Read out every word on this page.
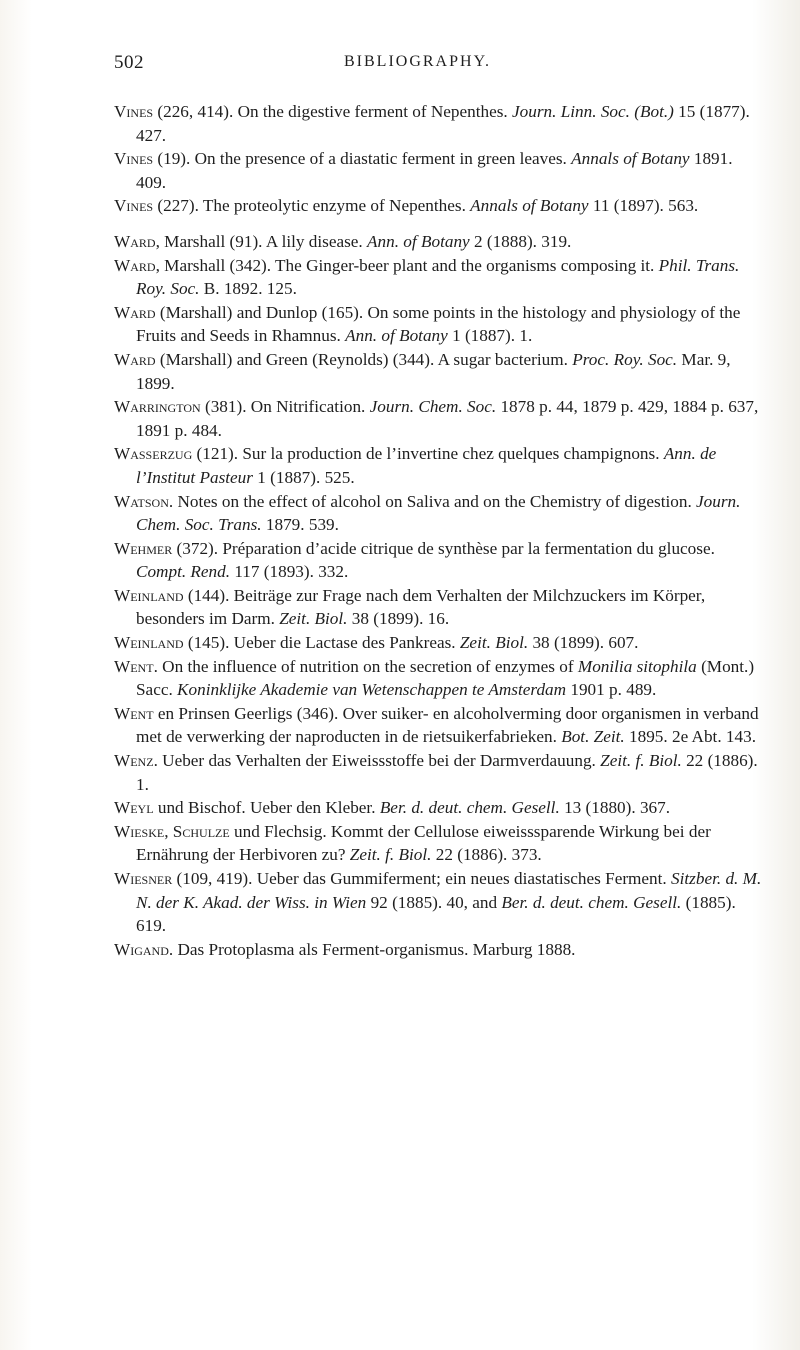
502	BIBLIOGRAPHY.

Vines (226, 414). On the digestive ferment of Nepenthes. Journ. Linn. Soc. (Bot.) 15 (1877). 427.

Vines (19). On the presence of a diastatic ferment in green leaves. Annals of Botany 1891. 409.

Vines (227). The proteolytic enzyme of Nepenthes. Annals of Botany 11 (1897). 563.

Ward, Marshall (91). A lily disease. Ann. of Botany 2 (1888). 319.

Ward, Marshall (342). The Ginger-beer plant and the organisms composing it. Phil. Trans. Roy. Soc. B. 1892. 125.

Ward (Marshall) and Dunlop (165). On some points in the histology and physiology of the Fruits and Seeds in Rhamnus. Ann. of Botany 1 (1887). 1.

Ward (Marshall) and Green (Reynolds) (344). A sugar bacterium. Proc. Roy. Soc. Mar. 9, 1899.

Warrington (381). On Nitrification. Journ. Chem. Soc. 1878 p. 44, 1879 p. 429, 1884 p. 637, 1891 p. 484.

Wasserzug (121). Sur la production de l’invertine chez quelques champignons. Ann. de l’Institut Pasteur 1 (1887). 525.

Watson. Notes on the effect of alcohol on Saliva and on the Chemistry of digestion. Journ. Chem. Soc. Trans. 1879. 539.

Wehmer (372). Préparation d’acide citrique de synthèse par la fermentation du glucose. Compt. Rend. 117 (1893). 332.

Weinland (144). Beiträge zur Frage nach dem Verhalten der Milchzuckers im Körper, besonders im Darm. Zeit. Biol. 38 (1899). 16.

Weinland (145). Ueber die Lactase des Pankreas. Zeit. Biol. 38 (1899). 607.

Went. On the influence of nutrition on the secretion of enzymes of Monilia sitophila (Mont.) Sacc. Koninklijke Akademie van Wetenschappen te Amsterdam 1901 p. 489.

Went en Prinsen Geerligs (346). Over suiker- en alcoholverming door organismen in verband met de verwerking der naproducten in de rietsuikerfabrieken. Bot. Zeit. 1895. 2e Abt. 143.

Wenz. Ueber das Verhalten der Eiweissstoffe bei der Darmverdauung. Zeit. f. Biol. 22 (1886). 1.

Weyl und Bischof. Ueber den Kleber. Ber. d. deut. chem. Gesell. 13 (1880). 367.

Wieske, Schulze und Flechsig. Kommt der Cellulose eiweisssparende Wirkung bei der Ernährung der Herbivoren zu? Zeit. f. Biol. 22 (1886). 373.

Wiesner (109, 419). Ueber das Gummiferment; ein neues diastatisches Ferment. Sitzber. d. M. N. der K. Akad. der Wiss. in Wien 92 (1885). 40, and Ber. d. deut. chem. Gesell. (1885). 619.

Wigand. Das Protoplasma als Ferment-organismus. Marburg 1888.
